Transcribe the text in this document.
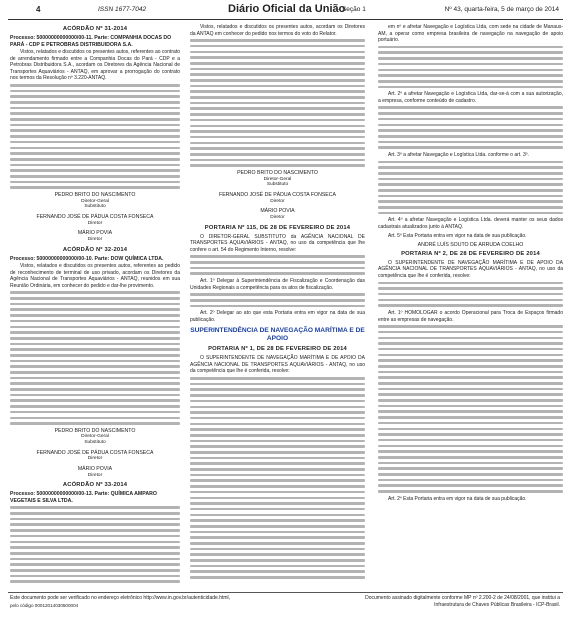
4	ISSN 1677-7042	Diário Oficial da União
- Seção 1	Nº 43, quarta-feira, 5 de março de 2014
ACÓRDÃO Nº 31-2014
Processo: 50000000000000/00-11. Parte: COMPANHIA DOCAS DO PARÁ - CDP E PETROBRAS DISTRIBUIDORA S.A.
Vistos, relatados e discutidos os presentes autos, referentes ao contrato de arrendamento firmado entre a Companhia Docas do Pará - CDP e a Petrobras Distribuidora S.A., acordam os Diretores da Agência Nacional de Transportes Aquaviários - ANTAQ, em aprovar a prorrogação do contrato nos termos da Resolução nº 3.220-ANTAQ.
PEDRO BRITO DO NASCIMENTO
Diretor-Geral
Substituto
FERNANDO JOSÉ DE PÁDUA COSTA FONSECA
Diretor
MÁRIO POVIA
Diretor
ACÓRDÃO Nº 32-2014
Processo: 50000000000000/00-10. Parte: DOW QUÍMICA LTDA.
Vistos, relatados e discutidos os presentes autos, referentes ao pedido de reconhecimento de terminal de uso privado, acordam os Diretores da Agência Nacional de Transportes Aquaviários - ANTAQ, reunidos em sua Reunião Ordinária, em conhecer do pedido e dar-lhe provimento.
PEDRO BRITO DO NASCIMENTO
Diretor-Geral
Substituto
FERNANDO JOSÉ DE PÁDUA COSTA FONSECA
Diretor
MÁRIO POVIA
Diretor
ACÓRDÃO Nº 33-2014
Processo: 50000000000000/00-13. Parte: QUÍMICA AMPARO VEGETAIS E SILVA LTDA.
Vistos, relatados e discutidos os presentes autos, acordam os Diretores da ANTAQ em conhecer do pedido nos termos do voto do Relator.
PEDRO BRITO DO NASCIMENTO
Diretor-Geral
Substituto
FERNANDO JOSÉ DE PÁDUA COSTA FONSECA
Diretor
MÁRIO POVIA
Diretor
PORTARIA Nº 115, DE 28 DE FEVEREIRO DE 2014
O DIRETOR-GERAL SUBSTITUTO da AGÊNCIA NACIONAL DE TRANSPORTES AQUAVIÁRIOS - ANTAQ, no uso da competência que lhe confere o art. 54 do Regimento Interno, resolve:
Art. 1º Delegar à Superintendência de Fiscalização e Coordenação das Unidades Regionais a competência para os atos de fiscalização.
Art. 2º Delegar ao ato que esta Portaria entra em vigor na data de sua publicação.
SUPERINTENDÊNCIA DE NAVEGAÇÃO MARÍTIMA E DE APOIO
PORTARIA Nº 1, DE 28 DE FEVEREIRO DE 2014
O SUPERINTENDENTE DE NAVEGAÇÃO MARÍTIMA E DE APOIO DA AGÊNCIA NACIONAL DE TRANSPORTES AQUAVIÁRIOS - ANTAQ, no uso da competência que lhe é conferida, resolve:
em nº e afretar Navegação e Logística Ltda, com sede na cidade de Manaus-AM, a operar como empresa brasileira de navegação na navegação de apoio portuário.
Art. 2º a afretar Navegação e Logística Ltda, dar-se-á com a sua autorização, a empresa, conforme conteúdo de cadastro.
Art. 3º a afretar Navegação e Logística Ltda. conforme o art. 3º.
Art. 4º a afretar Navegação e Logística Ltda. deverá manter os seus dados cadastrais atualizados junto à ANTAQ.
Art. 5º Esta Portaria entra em vigor na data de sua publicação.
ANDRÉ LUÍS SOUTO DE ARRUDA COELHO
PORTARIA Nº 2, DE 28 DE FEVEREIRO DE 2014
O SUPERINTENDENTE DE NAVEGAÇÃO MARÍTIMA E DE APOIO DA AGÊNCIA NACIONAL DE TRANSPORTES AQUAVIÁRIOS - ANTAQ, no uso da competência que lhe é conferida, resolve:
Art. 1º HOMOLOGAR o acordo Operacional para Troca de Espaços firmado entre as empresas de navegação.
Art. 2º Esta Portaria entra em vigor na data de sua publicação.
Este documento pode ser verificado no endereço eletrônico http://www.in.gov.br/autenticidade.html,
pelo código 00012014030500004
Documento assinado digitalmente conforme MP nº 2.200-2 de 24/08/2001, que institui a
Infraestrutura de Chaves Públicas Brasileira - ICP-Brasil.
